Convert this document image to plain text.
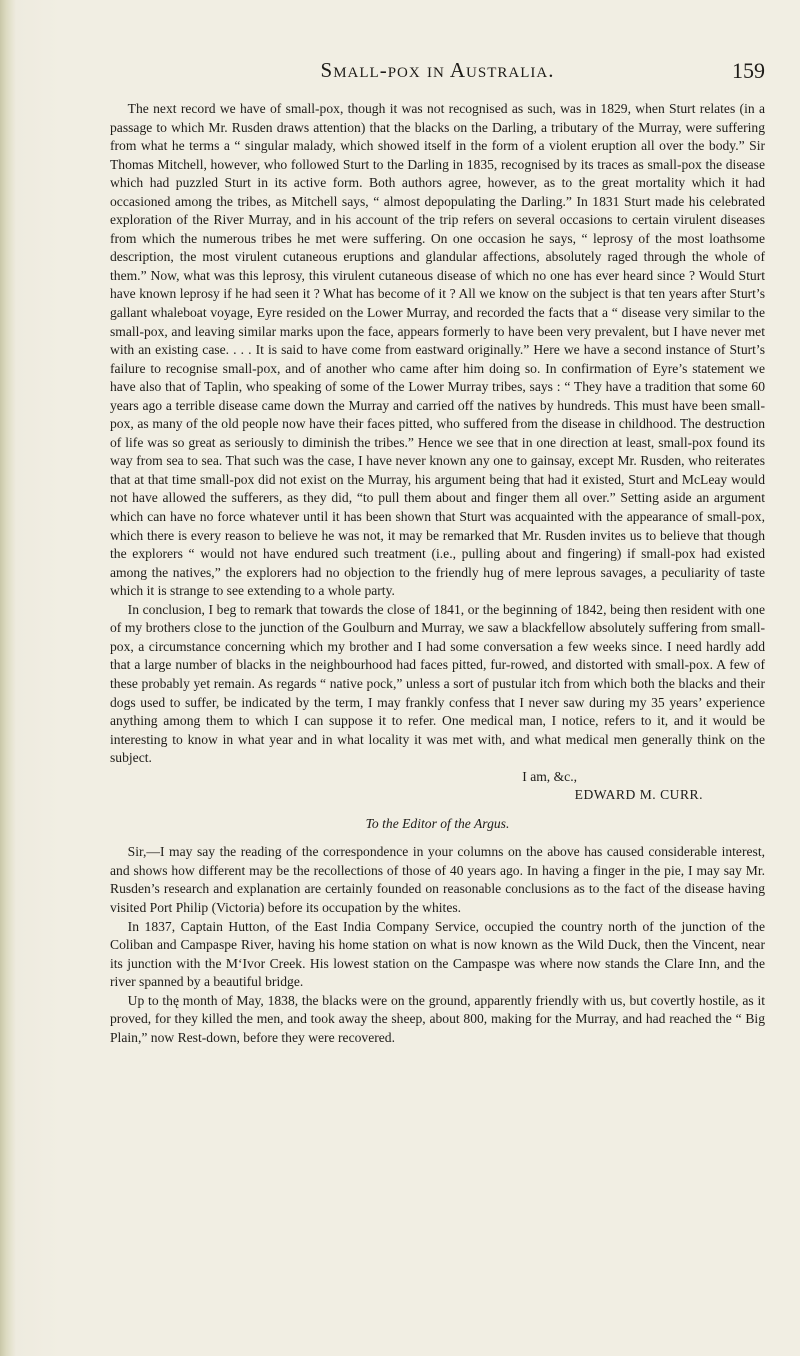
Small-pox in Australia.	159

The next record we have of small-pox, though it was not recognised as such, was in 1829, when Sturt relates (in a passage to which Mr. Rusden draws attention) that the blacks on the Darling, a tributary of the Murray, were suffering from what he terms a “ singular malady, which showed itself in the form of a violent eruption all over the body.” Sir Thomas Mitchell, however, who followed Sturt to the Darling in 1835, recognised by its traces as small-pox the disease which had puzzled Sturt in its active form. Both authors agree, however, as to the great mortality which it had occasioned among the tribes, as Mitchell says, “ almost depopulating the Darling.” In 1831 Sturt made his celebrated exploration of the River Murray, and in his account of the trip refers on several occasions to certain virulent diseases from which the numerous tribes he met were suffering. On one occasion he says, “ leprosy of the most loathsome description, the most virulent cutaneous eruptions and glandular affections, absolutely raged through the whole of them.” Now, what was this leprosy, this virulent cutaneous disease of which no one has ever heard since ? Would Sturt have known leprosy if he had seen it ? What has become of it ? All we know on the subject is that ten years after Sturt’s gallant whaleboat voyage, Eyre resided on the Lower Murray, and recorded the facts that a “ disease very similar to the small-pox, and leaving similar marks upon the face, appears formerly to have been very prevalent, but I have never met with an existing case. . . . It is said to have come from eastward originally.” Here we have a second instance of Sturt’s failure to recognise small-pox, and of another who came after him doing so. In confirmation of Eyre’s statement we have also that of Taplin, who speaking of some of the Lower Murray tribes, says : “ They have a tradition that some 60 years ago a terrible disease came down the Murray and carried off the natives by hundreds. This must have been small-pox, as many of the old people now have their faces pitted, who suffered from the disease in childhood. The destruction of life was so great as seriously to diminish the tribes.” Hence we see that in one direction at least, small-pox found its way from sea to sea. That such was the case, I have never known any one to gainsay, except Mr. Rusden, who reiterates that at that time small-pox did not exist on the Murray, his argument being that had it existed, Sturt and McLeay would not have allowed the sufferers, as they did, “to pull them about and finger them all over.” Setting aside an argument which can have no force whatever until it has been shown that Sturt was acquainted with the appearance of small-pox, which there is every reason to believe he was not, it may be remarked that Mr. Rusden invites us to believe that though the explorers “ would not have endured such treatment (i.e., pulling about and fingering) if small-pox had existed among the natives,” the explorers had no objection to the friendly hug of mere leprous savages, a peculiarity of taste which it is strange to see extending to a whole party.

In conclusion, I beg to remark that towards the close of 1841, or the beginning of 1842, being then resident with one of my brothers close to the junction of the Goulburn and Murray, we saw a blackfellow absolutely suffering from small-pox, a circumstance concerning which my brother and I had some conversation a few weeks since. I need hardly add that a large number of blacks in the neighbourhood had faces pitted, fur-rowed, and distorted with small-pox. A few of these probably yet remain. As regards “ native pock,” unless a sort of pustular itch from which both the blacks and their dogs used to suffer, be indicated by the term, I may frankly confess that I never saw during my 35 years’ experience anything among them to which I can suppose it to refer. One medical man, I notice, refers to it, and it would be interesting to know in what year and in what locality it was met with, and what medical men generally think on the subject.

I am, &c.,
EDWARD M. CURR.
To the Editor of the Argus.

Sir,—I may say the reading of the correspondence in your columns on the above has caused considerable interest, and shows how different may be the recollections of those of 40 years ago. In having a finger in the pie, I may say Mr. Rusden’s research and explanation are certainly founded on reasonable conclusions as to the fact of the disease having visited Port Philip (Victoria) before its occupation by the whites.

In 1837, Captain Hutton, of the East India Company Service, occupied the country north of the junction of the Coliban and Campaspe River, having his home station on what is now known as the Wild Duck, then the Vincent, near its junction with the M‘Ivor Creek. His lowest station on the Campaspe was where now stands the Clare Inn, and the river spanned by a beautiful bridge.

Up to thę month of May, 1838, the blacks were on the ground, apparently friendly with us, but covertly hostile, as it proved, for they killed the men, and took away the sheep, about 800, making for the Murray, and had reached the “ Big Plain,” now Rest-down, before they were recovered.
